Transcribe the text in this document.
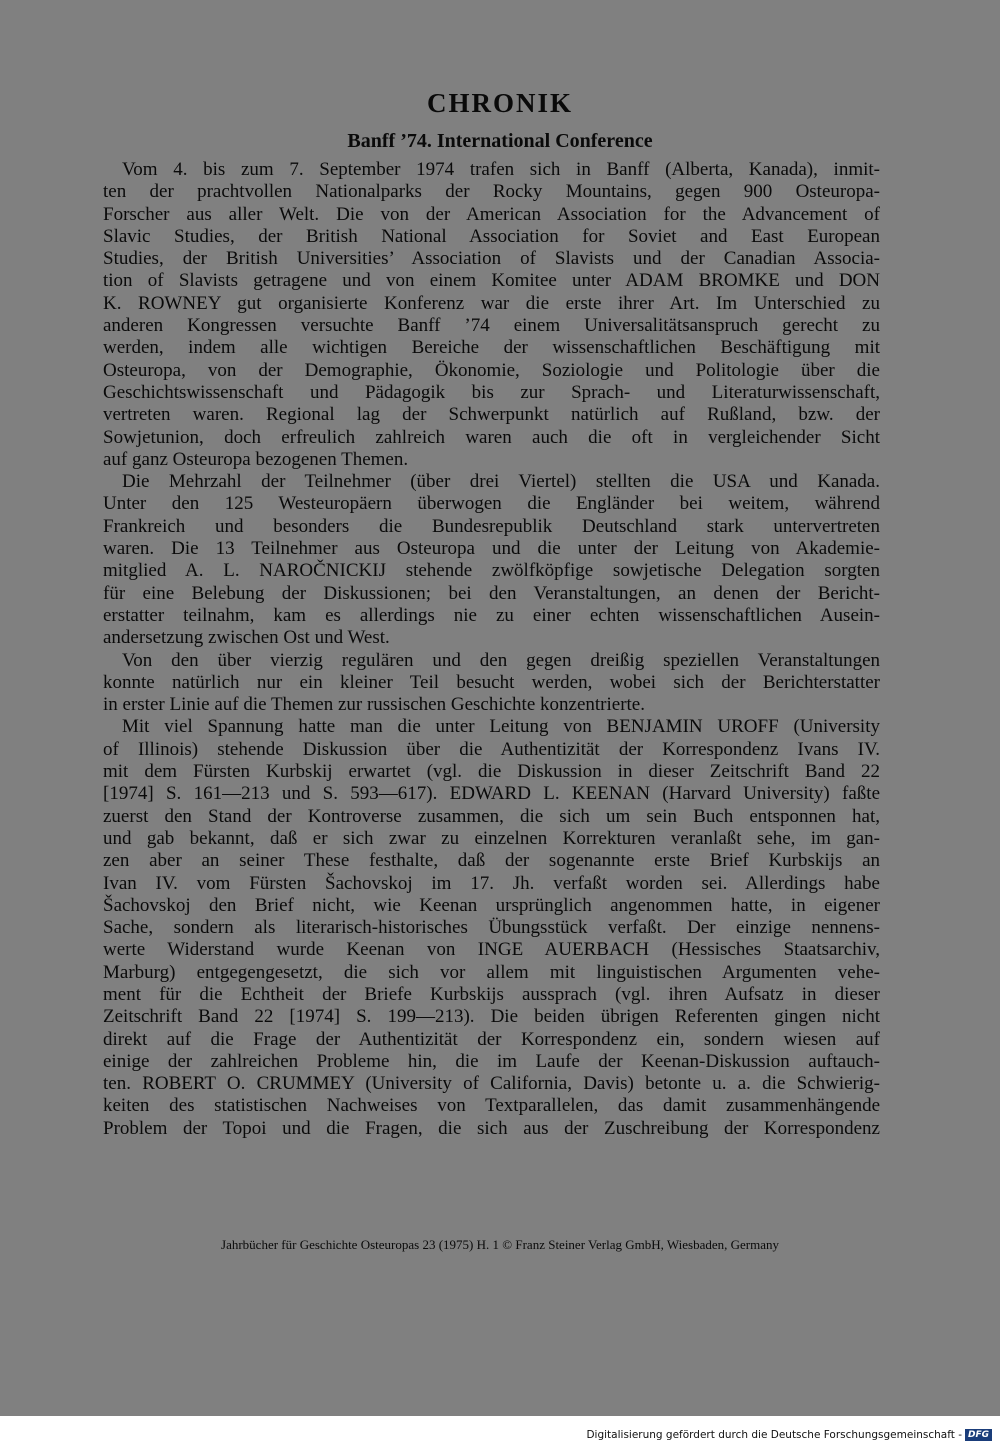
CHRONIK
Banff ’74. International Conference
Vom 4. bis zum 7. September 1974 trafen sich in Banff (Alberta, Kanada), inmit-
ten der prachtvollen Nationalparks der Rocky Mountains, gegen 900 Osteuropa-
Forscher aus aller Welt. Die von der American Association for the Advancement of
Slavic Studies, der British National Association for Soviet and East European
Studies, der British Universities’ Association of Slavists und der Canadian Associa-
tion of Slavists getragene und von einem Komitee unter ADAM BROMKE und DON
K. ROWNEY gut organisierte Konferenz war die erste ihrer Art. Im Unterschied zu
anderen Kongressen versuchte Banff ’74 einem Universalitätsanspruch gerecht zu
werden, indem alle wichtigen Bereiche der wissenschaftlichen Beschäftigung mit
Osteuropa, von der Demographie, Ökonomie, Soziologie und Politologie über die
Geschichtswissenschaft und Pädagogik bis zur Sprach- und Literaturwissenschaft,
vertreten waren. Regional lag der Schwerpunkt natürlich auf Rußland, bzw. der
Sowjetunion, doch erfreulich zahlreich waren auch die oft in vergleichender Sicht
auf ganz Osteuropa bezogenen Themen.
Die Mehrzahl der Teilnehmer (über drei Viertel) stellten die USA und Kanada.
Unter den 125 Westeuropäern überwogen die Engländer bei weitem, während
Frankreich und besonders die Bundesrepublik Deutschland stark untervertreten
waren. Die 13 Teilnehmer aus Osteuropa und die unter der Leitung von Akademie-
mitglied A. L. NAROČNICKIJ stehende zwölfköpfige sowjetische Delegation sorgten
für eine Belebung der Diskussionen; bei den Veranstaltungen, an denen der Bericht-
erstatter teilnahm, kam es allerdings nie zu einer echten wissenschaftlichen Ausein-
andersetzung zwischen Ost und West.
Von den über vierzig regulären und den gegen dreißig speziellen Veranstaltungen
konnte natürlich nur ein kleiner Teil besucht werden, wobei sich der Berichterstatter
in erster Linie auf die Themen zur russischen Geschichte konzentrierte.
Mit viel Spannung hatte man die unter Leitung von BENJAMIN UROFF (University
of Illinois) stehende Diskussion über die Authentizität der Korrespondenz Ivans IV.
mit dem Fürsten Kurbskij erwartet (vgl. die Diskussion in dieser Zeitschrift Band 22
[1974] S. 161—213 und S. 593—617). EDWARD L. KEENAN (Harvard University) faßte
zuerst den Stand der Kontroverse zusammen, die sich um sein Buch entsponnen hat,
und gab bekannt, daß er sich zwar zu einzelnen Korrekturen veranlaßt sehe, im gan-
zen aber an seiner These festhalte, daß der sogenannte erste Brief Kurbskijs an
Ivan IV. vom Fürsten Šachovskoj im 17. Jh. verfaßt worden sei. Allerdings habe
Šachovskoj den Brief nicht, wie Keenan ursprünglich angenommen hatte, in eigener
Sache, sondern als literarisch-historisches Übungsstück verfaßt. Der einzige nennens-
werte Widerstand wurde Keenan von INGE AUERBACH (Hessisches Staatsarchiv,
Marburg) entgegengesetzt, die sich vor allem mit linguistischen Argumenten vehe-
ment für die Echtheit der Briefe Kurbskijs aussprach (vgl. ihren Aufsatz in dieser
Zeitschrift Band 22 [1974] S. 199—213). Die beiden übrigen Referenten gingen nicht
direkt auf die Frage der Authentizität der Korrespondenz ein, sondern wiesen auf
einige der zahlreichen Probleme hin, die im Laufe der Keenan-Diskussion auftauch-
ten. ROBERT O. CRUMMEY (University of California, Davis) betonte u. a. die Schwierig-
keiten des statistischen Nachweises von Textparallelen, das damit zusammenhängende
Problem der Topoi und die Fragen, die sich aus der Zuschreibung der Korrespondenz
Jahrbücher für Geschichte Osteuropas 23 (1975) H. 1 © Franz Steiner Verlag GmbH, Wiesbaden, Germany
Digitalisierung gefördert durch die Deutsche Forschungsgemeinschaft - DFG
